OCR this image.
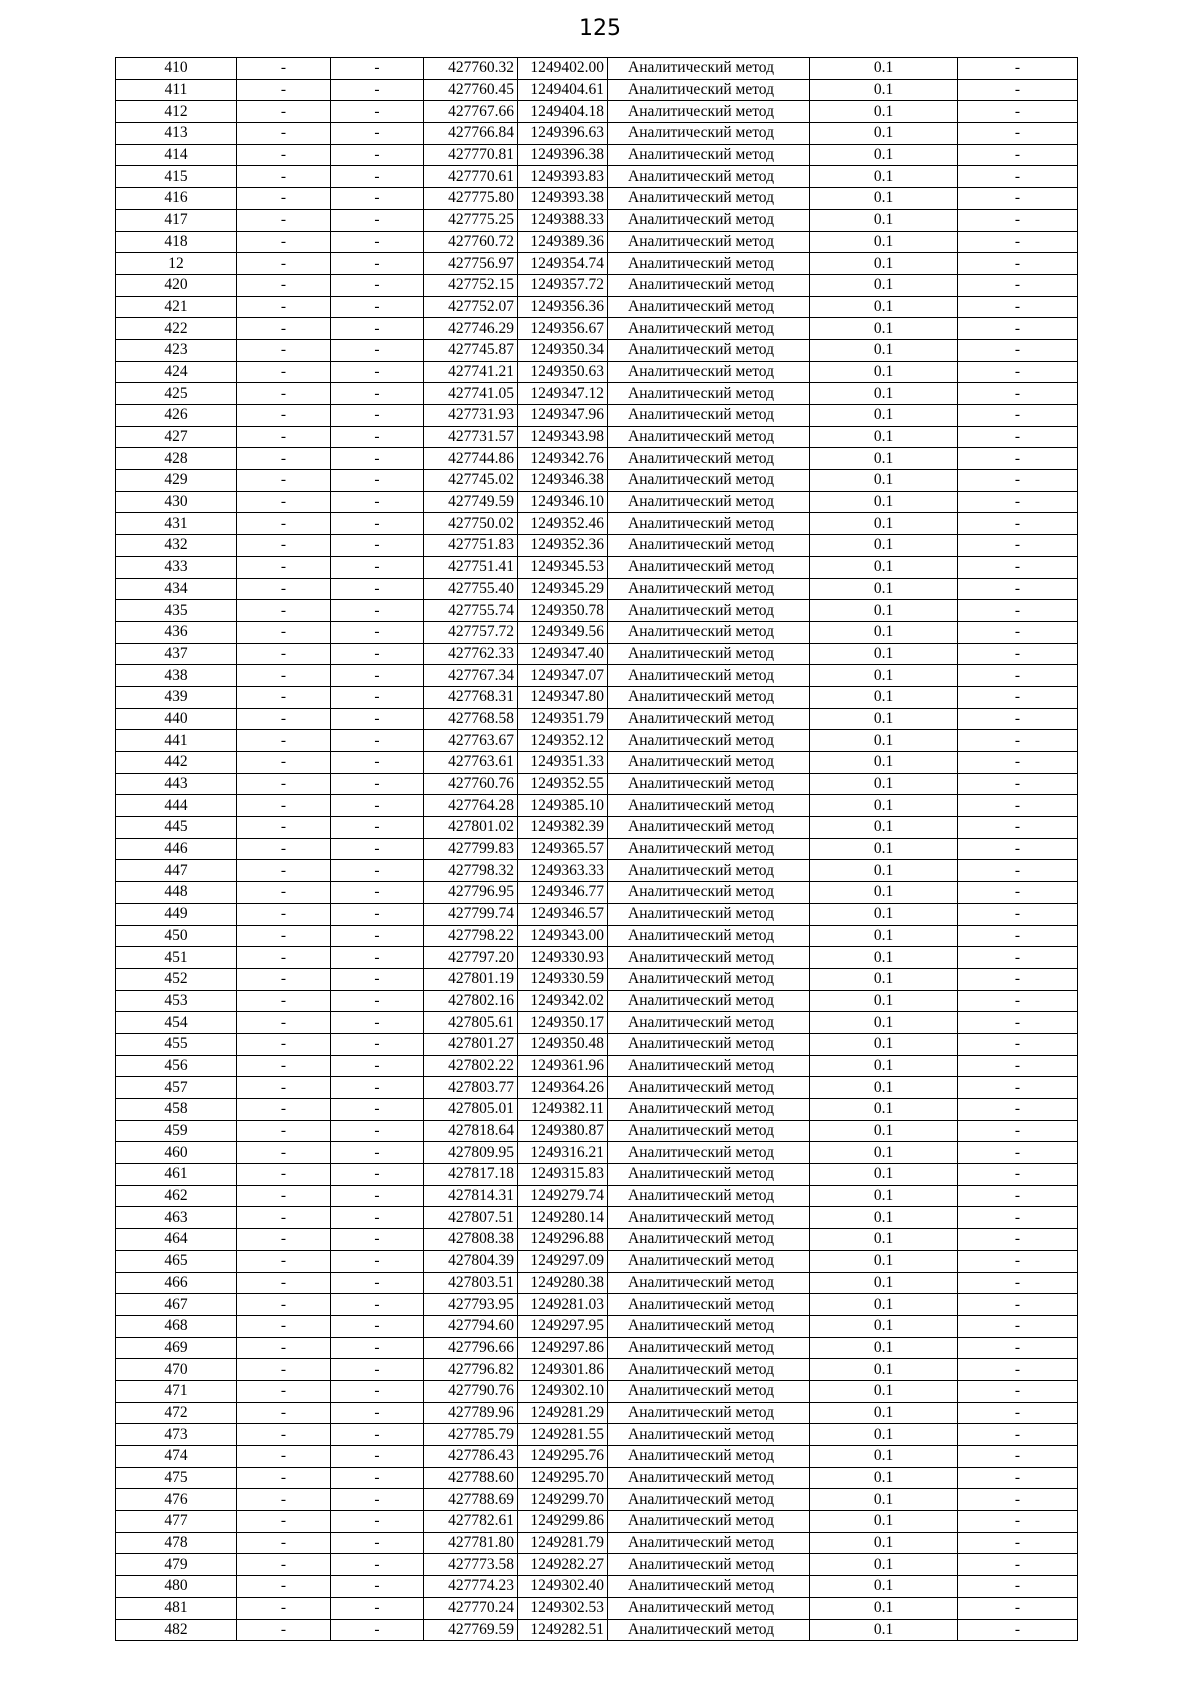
125
410	-	-	427760.32	1249402.00	Аналитический метод	0.1	-
411	-	-	427760.45	1249404.61	Аналитический метод	0.1	-
412	-	-	427767.66	1249404.18	Аналитический метод	0.1	-
413	-	-	427766.84	1249396.63	Аналитический метод	0.1	-
414	-	-	427770.81	1249396.38	Аналитический метод	0.1	-
415	-	-	427770.61	1249393.83	Аналитический метод	0.1	-
416	-	-	427775.80	1249393.38	Аналитический метод	0.1	-
417	-	-	427775.25	1249388.33	Аналитический метод	0.1	-
418	-	-	427760.72	1249389.36	Аналитический метод	0.1	-
12	-	-	427756.97	1249354.74	Аналитический метод	0.1	-
420	-	-	427752.15	1249357.72	Аналитический метод	0.1	-
421	-	-	427752.07	1249356.36	Аналитический метод	0.1	-
422	-	-	427746.29	1249356.67	Аналитический метод	0.1	-
423	-	-	427745.87	1249350.34	Аналитический метод	0.1	-
424	-	-	427741.21	1249350.63	Аналитический метод	0.1	-
425	-	-	427741.05	1249347.12	Аналитический метод	0.1	-
426	-	-	427731.93	1249347.96	Аналитический метод	0.1	-
427	-	-	427731.57	1249343.98	Аналитический метод	0.1	-
428	-	-	427744.86	1249342.76	Аналитический метод	0.1	-
429	-	-	427745.02	1249346.38	Аналитический метод	0.1	-
430	-	-	427749.59	1249346.10	Аналитический метод	0.1	-
431	-	-	427750.02	1249352.46	Аналитический метод	0.1	-
432	-	-	427751.83	1249352.36	Аналитический метод	0.1	-
433	-	-	427751.41	1249345.53	Аналитический метод	0.1	-
434	-	-	427755.40	1249345.29	Аналитический метод	0.1	-
435	-	-	427755.74	1249350.78	Аналитический метод	0.1	-
436	-	-	427757.72	1249349.56	Аналитический метод	0.1	-
437	-	-	427762.33	1249347.40	Аналитический метод	0.1	-
438	-	-	427767.34	1249347.07	Аналитический метод	0.1	-
439	-	-	427768.31	1249347.80	Аналитический метод	0.1	-
440	-	-	427768.58	1249351.79	Аналитический метод	0.1	-
441	-	-	427763.67	1249352.12	Аналитический метод	0.1	-
442	-	-	427763.61	1249351.33	Аналитический метод	0.1	-
443	-	-	427760.76	1249352.55	Аналитический метод	0.1	-
444	-	-	427764.28	1249385.10	Аналитический метод	0.1	-
445	-	-	427801.02	1249382.39	Аналитический метод	0.1	-
446	-	-	427799.83	1249365.57	Аналитический метод	0.1	-
447	-	-	427798.32	1249363.33	Аналитический метод	0.1	-
448	-	-	427796.95	1249346.77	Аналитический метод	0.1	-
449	-	-	427799.74	1249346.57	Аналитический метод	0.1	-
450	-	-	427798.22	1249343.00	Аналитический метод	0.1	-
451	-	-	427797.20	1249330.93	Аналитический метод	0.1	-
452	-	-	427801.19	1249330.59	Аналитический метод	0.1	-
453	-	-	427802.16	1249342.02	Аналитический метод	0.1	-
454	-	-	427805.61	1249350.17	Аналитический метод	0.1	-
455	-	-	427801.27	1249350.48	Аналитический метод	0.1	-
456	-	-	427802.22	1249361.96	Аналитический метод	0.1	-
457	-	-	427803.77	1249364.26	Аналитический метод	0.1	-
458	-	-	427805.01	1249382.11	Аналитический метод	0.1	-
459	-	-	427818.64	1249380.87	Аналитический метод	0.1	-
460	-	-	427809.95	1249316.21	Аналитический метод	0.1	-
461	-	-	427817.18	1249315.83	Аналитический метод	0.1	-
462	-	-	427814.31	1249279.74	Аналитический метод	0.1	-
463	-	-	427807.51	1249280.14	Аналитический метод	0.1	-
464	-	-	427808.38	1249296.88	Аналитический метод	0.1	-
465	-	-	427804.39	1249297.09	Аналитический метод	0.1	-
466	-	-	427803.51	1249280.38	Аналитический метод	0.1	-
467	-	-	427793.95	1249281.03	Аналитический метод	0.1	-
468	-	-	427794.60	1249297.95	Аналитический метод	0.1	-
469	-	-	427796.66	1249297.86	Аналитический метод	0.1	-
470	-	-	427796.82	1249301.86	Аналитический метод	0.1	-
471	-	-	427790.76	1249302.10	Аналитический метод	0.1	-
472	-	-	427789.96	1249281.29	Аналитический метод	0.1	-
473	-	-	427785.79	1249281.55	Аналитический метод	0.1	-
474	-	-	427786.43	1249295.76	Аналитический метод	0.1	-
475	-	-	427788.60	1249295.70	Аналитический метод	0.1	-
476	-	-	427788.69	1249299.70	Аналитический метод	0.1	-
477	-	-	427782.61	1249299.86	Аналитический метод	0.1	-
478	-	-	427781.80	1249281.79	Аналитический метод	0.1	-
479	-	-	427773.58	1249282.27	Аналитический метод	0.1	-
480	-	-	427774.23	1249302.40	Аналитический метод	0.1	-
481	-	-	427770.24	1249302.53	Аналитический метод	0.1	-
482	-	-	427769.59	1249282.51	Аналитический метод	0.1	-
